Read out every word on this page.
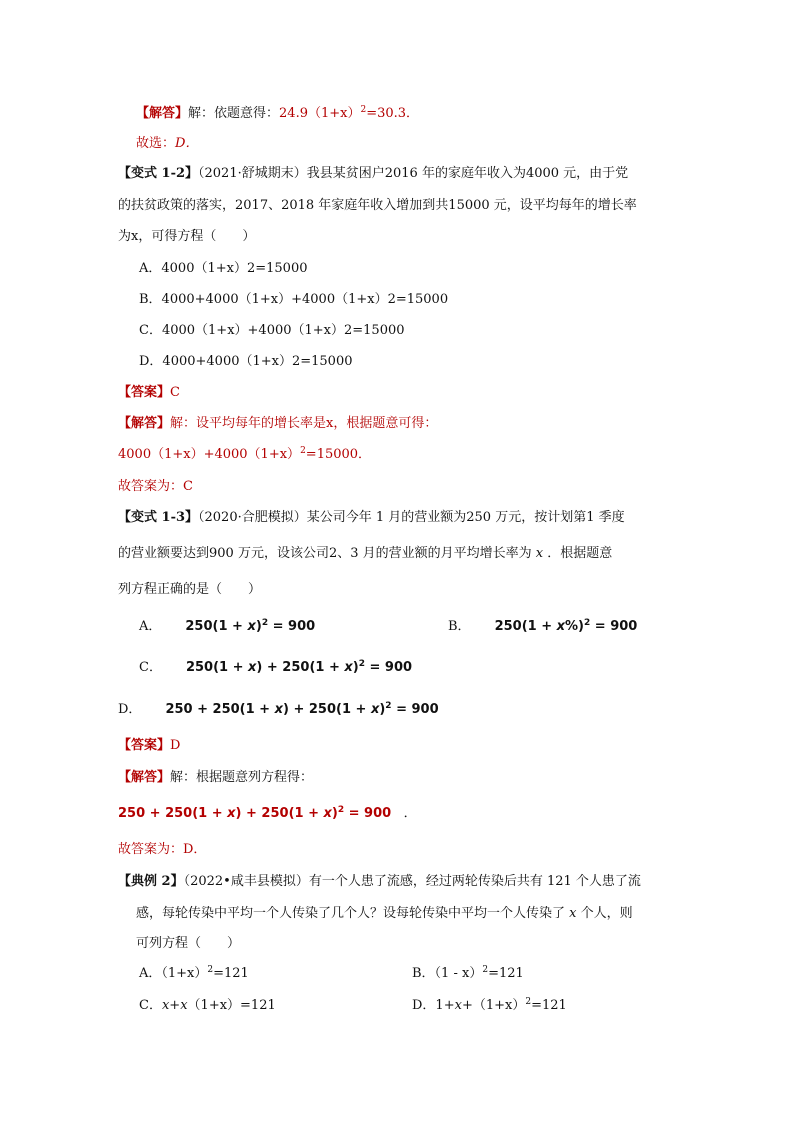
【解答】解：依题意得：$24.9(1+x)^2=30.3$．
故选：D．
【变式 1-2】（2021·舒城期末）我县某贫困户2016 年的家庭年收入为4000 元，由于党
的扶贫政策的落实，2017、2018 年家庭年收入增加到共15000 元，设平均每年的增长率
为x，可得方程（　　）
A．4000（1+x）2=15000
B．4000+4000（1+x）+4000（1+x）2=15000
C．4000（1+x）+4000（1+x）2=15000
D．4000+4000（1+x）2=15000
【答案】C
【解答】解：设平均每年的增长率是x，根据题意可得：
$4000(1+x)+4000(1+x)^2=15000$．
故答案为：C
【变式 1-3】（2020·合肥模拟）某公司今年 1 月的营业额为250 万元，按计划第1 季度
的营业额要达到900 万元，设该公司2、3 月的营业额的月平均增长率为 x ．根据题意
列方程正确的是（　　）
A． $250(1 + x)^2 = 900$	B． $250(1 + x\%)^2 = 900$
C． $250(1 + x) + 250(1 + x)^2 = 900$
D． $250 + 250(1 + x) + 250(1 + x)^2 = 900$
【答案】D
【解答】解：根据题意列方程得：
$250 + 250(1 + x) + 250(1 + x)^2 = 900$ ．
故答案为：D．
【典例 2】（2022•咸丰县模拟）有一个人患了流感，经过两轮传染后共有 121 个人患了流
感，每轮传染中平均一个人传染了几个人？设每轮传染中平均一个人传染了 x 个人，则
可列方程（　　）
A．$(1+x)^2=121$	B．（1 - x）$^2$=121
C．x+x（1+x）=121	D．$1+x+(1+x)^2=121$
